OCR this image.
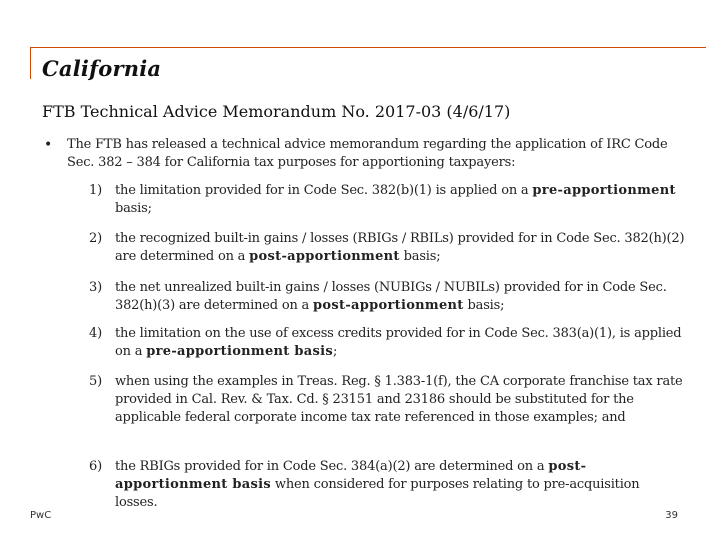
California
FTB Technical Advice Memorandum No. 2017-03 (4/6/17)
• The FTB has released a technical advice memorandum regarding the application of IRC Code Sec. 382 – 384 for California tax purposes for apportioning taxpayers:
1) the limitation provided for in Code Sec. 382(b)(1) is applied on a pre-apportionment basis;
2) the recognized built-in gains / losses (RBIGs / RBILs) provided for in Code Sec. 382(h)(2) are determined on a post-apportionment basis;
3) the net unrealized built-in gains / losses (NUBIGs / NUBILs) provided for in Code Sec. 382(h)(3) are determined on a post-apportionment basis;
4) the limitation on the use of excess credits provided for in Code Sec. 383(a)(1), is applied on a pre-apportionment basis;
5) when using the examples in Treas. Reg. § 1.383-1(f), the CA corporate franchise tax rate provided in Cal. Rev. & Tax. Cd. § 23151 and 23186 should be substituted for the applicable federal corporate income tax rate referenced in those examples; and
6) the RBIGs provided for in Code Sec. 384(a)(2) are determined on a post-apportionment basis when considered for purposes relating to pre-acquisition losses.
PwC	39
